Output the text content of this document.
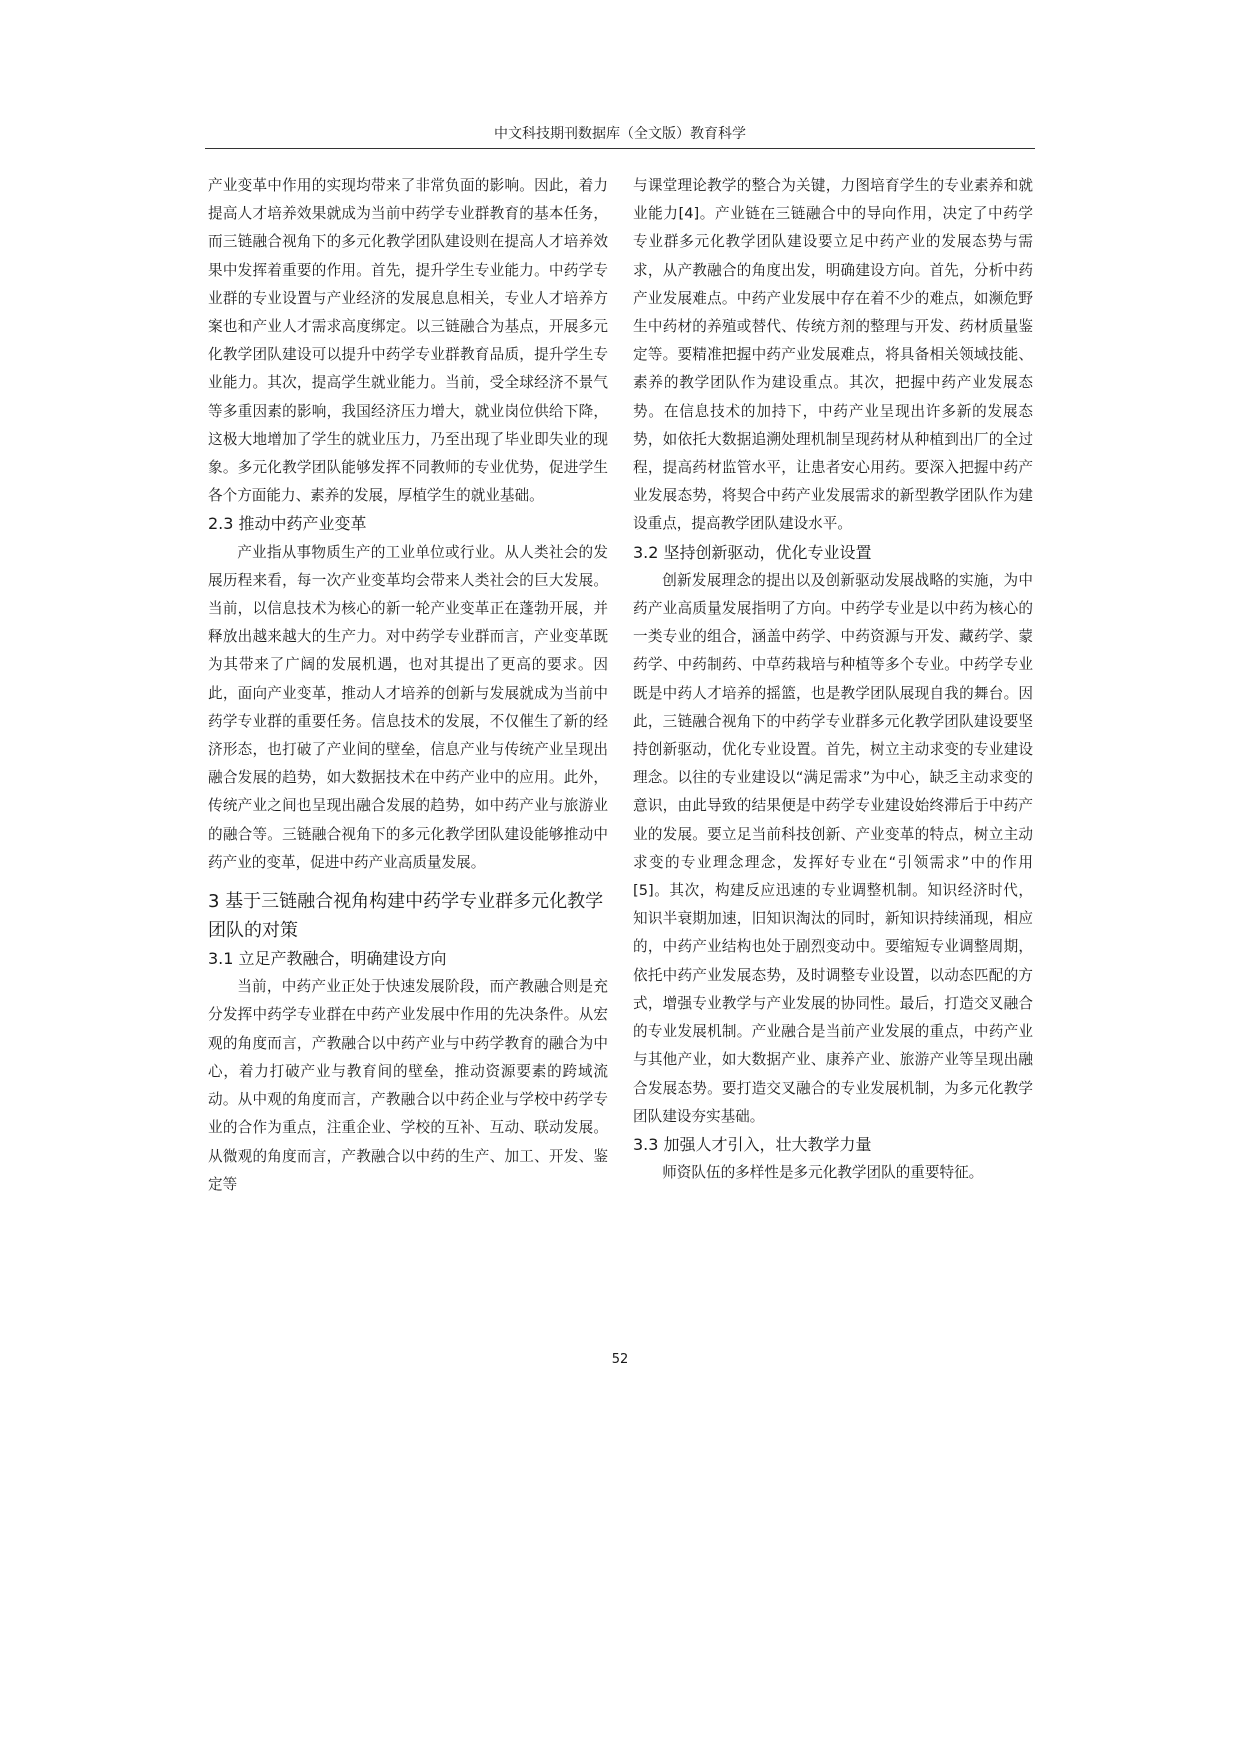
中文科技期刊数据库（全文版）教育科学

产业变革中作用的实现均带来了非常负面的影响。因此，着力提高人才培养效果就成为当前中药学专业群教育的基本任务，而三链融合视角下的多元化教学团队建设则在提高人才培养效果中发挥着重要的作用。首先，提升学生专业能力。中药学专业群的专业设置与产业经济的发展息息相关，专业人才培养方案也和产业人才需求高度绑定。以三链融合为基点，开展多元化教学团队建设可以提升中药学专业群教育品质，提升学生专业能力。其次，提高学生就业能力。当前，受全球经济不景气等多重因素的影响，我国经济压力增大，就业岗位供给下降，这极大地增加了学生的就业压力，乃至出现了毕业即失业的现象。多元化教学团队能够发挥不同教师的专业优势，促进学生各个方面能力、素养的发展，厚植学生的就业基础。

2.3 推动中药产业变革

产业指从事物质生产的工业单位或行业。从人类社会的发展历程来看，每一次产业变革均会带来人类社会的巨大发展。当前，以信息技术为核心的新一轮产业变革正在蓬勃开展，并释放出越来越大的生产力。对中药学专业群而言，产业变革既为其带来了广阔的发展机遇，也对其提出了更高的要求。因此，面向产业变革，推动人才培养的创新与发展就成为当前中药学专业群的重要任务。信息技术的发展，不仅催生了新的经济形态，也打破了产业间的壁垒，信息产业与传统产业呈现出融合发展的趋势，如大数据技术在中药产业中的应用。此外，传统产业之间也呈现出融合发展的趋势，如中药产业与旅游业的融合等。三链融合视角下的多元化教学团队建设能够推动中药产业的变革，促进中药产业高质量发展。

3 基于三链融合视角构建中药学专业群多元化教学团队的对策
3.1 立足产教融合，明确建设方向

当前，中药产业正处于快速发展阶段，而产教融合则是充分发挥中药学专业群在中药产业发展中作用的先决条件。从宏观的角度而言，产教融合以中药产业与中药学教育的融合为中心，着力打破产业与教育间的壁垒，推动资源要素的跨域流动。从中观的角度而言，产教融合以中药企业与学校中药学专业的合作为重点，注重企业、学校的互补、互动、联动发展。从微观的角度而言，产教融合以中药的生产、加工、开发、鉴定等

与课堂理论教学的整合为关键，力图培育学生的专业素养和就业能力[4]。产业链在三链融合中的导向作用，决定了中药学专业群多元化教学团队建设要立足中药产业的发展态势与需求，从产教融合的角度出发，明确建设方向。首先，分析中药产业发展难点。中药产业发展中存在着不少的难点，如濒危野生中药材的养殖或替代、传统方剂的整理与开发、药材质量鉴定等。要精准把握中药产业发展难点，将具备相关领域技能、素养的教学团队作为建设重点。其次，把握中药产业发展态势。在信息技术的加持下，中药产业呈现出许多新的发展态势，如依托大数据追溯处理机制呈现药材从种植到出厂的全过程，提高药材监管水平，让患者安心用药。要深入把握中药产业发展态势，将契合中药产业发展需求的新型教学团队作为建设重点，提高教学团队建设水平。

3.2 坚持创新驱动，优化专业设置

创新发展理念的提出以及创新驱动发展战略的实施，为中药产业高质量发展指明了方向。中药学专业是以中药为核心的一类专业的组合，涵盖中药学、中药资源与开发、藏药学、蒙药学、中药制药、中草药栽培与种植等多个专业。中药学专业既是中药人才培养的摇篮，也是教学团队展现自我的舞台。因此，三链融合视角下的中药学专业群多元化教学团队建设要坚持创新驱动，优化专业设置。首先，树立主动求变的专业建设理念。以往的专业建设以“满足需求”为中心，缺乏主动求变的意识，由此导致的结果便是中药学专业建设始终滞后于中药产业的发展。要立足当前科技创新、产业变革的特点，树立主动求变的专业理念理念，发挥好专业在“引领需求”中的作用[5]。其次，构建反应迅速的专业调整机制。知识经济时代，知识半衰期加速，旧知识淘汰的同时，新知识持续涌现，相应的，中药产业结构也处于剧烈变动中。要缩短专业调整周期，依托中药产业发展态势，及时调整专业设置，以动态匹配的方式，增强专业教学与产业发展的协同性。最后，打造交叉融合的专业发展机制。产业融合是当前产业发展的重点，中药产业与其他产业，如大数据产业、康养产业、旅游产业等呈现出融合发展态势。要打造交叉融合的专业发展机制，为多元化教学团队建设夯实基础。

3.3 加强人才引入，壮大教学力量

师资队伍的多样性是多元化教学团队的重要特征。

52
